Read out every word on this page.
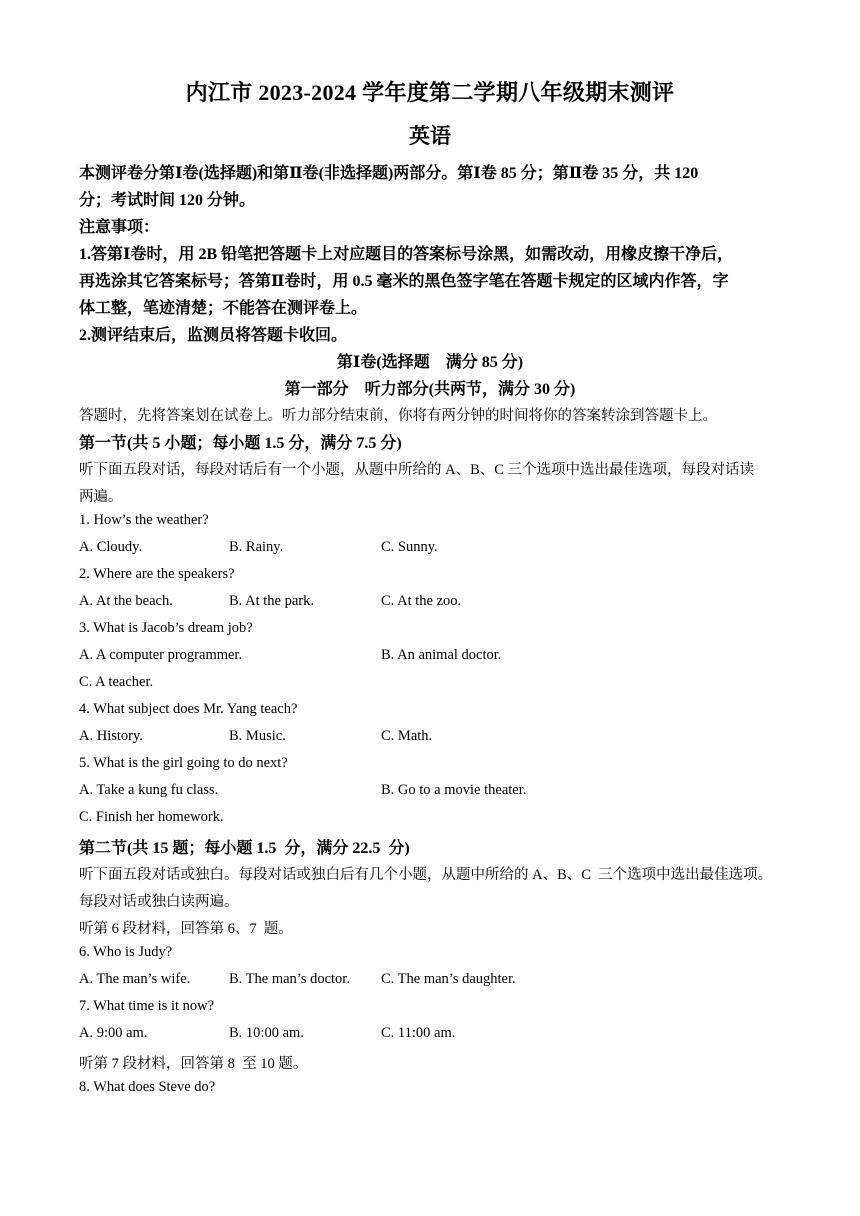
内江市 2023-2024 学年度第二学期八年级期末测评
英语
本测评卷分第Ⅰ卷(选择题)和第Ⅱ卷(非选择题)两部分。第Ⅰ卷 85 分；第Ⅱ卷 35 分，共 120
分；考试时间 120 分钟。
注意事项：
1.答第Ⅰ卷时，用 2B 铅笔把答题卡上对应题目的答案标号涂黑，如需改动，用橡皮擦干净后，
再选涂其它答案标号；答第Ⅱ卷时，用 0.5 毫米的黑色签字笔在答题卡规定的区域内作答，字
体工整，笔迹清楚；不能答在测评卷上。
2.测评结束后，监测员将答题卡收回。
第Ⅰ卷(选择题    满分 85 分)
第一部分    听力部分(共两节，满分 30 分)
答题时，先将答案划在试卷上。听力部分结束前，你将有两分钟的时间将你的答案转涂到答题卡上。
第一节(共 5 小题；每小题 1.5 分，满分 7.5 分)
听下面五段对话，每段对话后有一个小题，从题中所给的 A、B、C 三个选项中选出最佳选项，每段对话读
两遍。
1. How’s the weather?
A. Cloudy.	B. Rainy.	C. Sunny.
2. Where are the speakers?
A. At the beach.	B. At the park.	C. At the zoo.
3. What is Jacob’s dream job?
A. A computer programmer.	B. An animal doctor.
C. A teacher.
4. What subject does Mr. Yang teach?
A. History.	B. Music.	C. Math.
5. What is the girl going to do next?
A. Take a kung fu class.	B. Go to a movie theater.
C. Finish her homework.
第二节(共 15 题；每小题 1.5  分，满分 22.5  分)
听下面五段对话或独白。每段对话或独白后有几个小题，从题中所给的 A、B、C  三个选项中选出最佳选项。
每段对话或独白读两遍。
听第 6 段材料，回答第 6、7  题。
6. Who is Judy?
A. The man’s wife.	B. The man’s doctor. C. The man’s daughter.
7. What time is it now?
A. 9:00 am.	B. 10:00 am.	C. 11:00 am.
听第 7 段材料，回答第 8  至 10 题。
8. What does Steve do?
